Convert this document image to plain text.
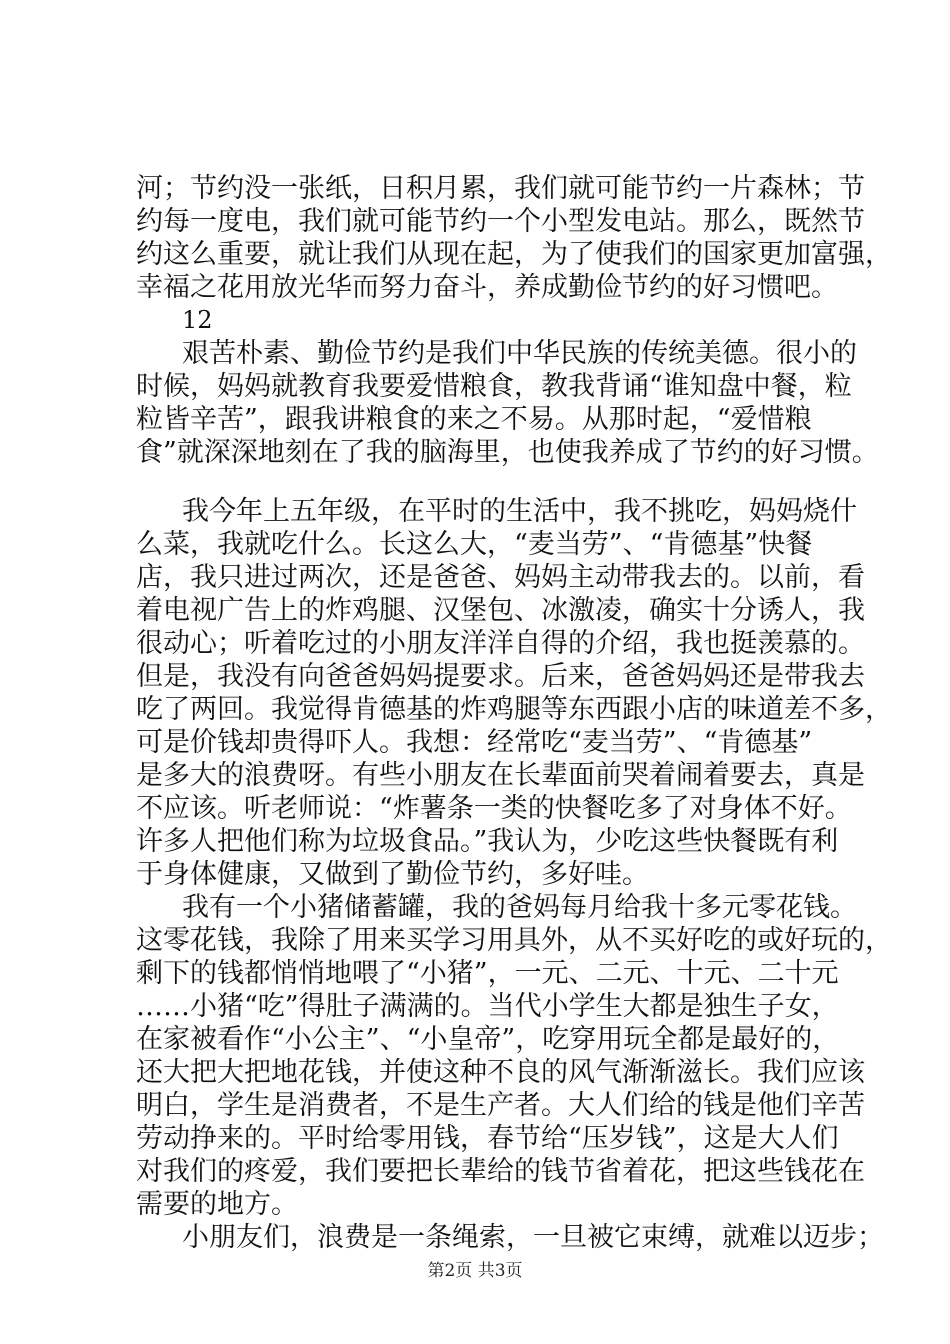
河；节约没一张纸，日积月累，我们就可能节约一片森林；节
约每一度电，我们就可能节约一个小型发电站。那么，既然节
约这么重要，就让我们从现在起，为了使我们的国家更加富强，
幸福之花用放光华而努力奋斗，养成勤俭节约的好习惯吧。
12
艰苦朴素、勤俭节约是我们中华民族的传统美德。很小的
时候，妈妈就教育我要爱惜粮食，教我背诵“谁知盘中餐，粒
粒皆辛苦”，跟我讲粮食的来之不易。从那时起，“爱惜粮
食”就深深地刻在了我的脑海里，也使我养成了节约的好习惯。
我今年上五年级，在平时的生活中，我不挑吃，妈妈烧什
么菜，我就吃什么。长这么大，“麦当劳”、“肯德基”快餐
店，我只进过两次，还是爸爸、妈妈主动带我去的。以前，看
着电视广告上的炸鸡腿、汉堡包、冰激凌，确实十分诱人，我
很动心；听着吃过的小朋友洋洋自得的介绍，我也挺羡慕的。
但是，我没有向爸爸妈妈提要求。后来，爸爸妈妈还是带我去
吃了两回。我觉得肯德基的炸鸡腿等东西跟小店的味道差不多，
可是价钱却贵得吓人。我想：经常吃“麦当劳”、“肯德基”
是多大的浪费呀。有些小朋友在长辈面前哭着闹着要去，真是
不应该。听老师说：“炸薯条一类的快餐吃多了对身体不好。
许多人把他们称为垃圾食品。”我认为，少吃这些快餐既有利
于身体健康，又做到了勤俭节约，多好哇。
我有一个小猪储蓄罐，我的爸妈每月给我十多元零花钱。
这零花钱，我除了用来买学习用具外，从不买好吃的或好玩的，
剩下的钱都悄悄地喂了“小猪”，一元、二元、十元、二十元
……小猪“吃”得肚子满满的。当代小学生大都是独生子女，
在家被看作“小公主”、“小皇帝”，吃穿用玩全都是最好的，
还大把大把地花钱，并使这种不良的风气渐渐滋长。我们应该
明白，学生是消费者，不是生产者。大人们给的钱是他们辛苦
劳动挣来的。平时给零用钱，春节给“压岁钱”，这是大人们
对我们的疼爱，我们要把长辈给的钱节省着花，把这些钱花在
需要的地方。
小朋友们，浪费是一条绳索，一旦被它束缚，就难以迈步；
第2页 共3页
